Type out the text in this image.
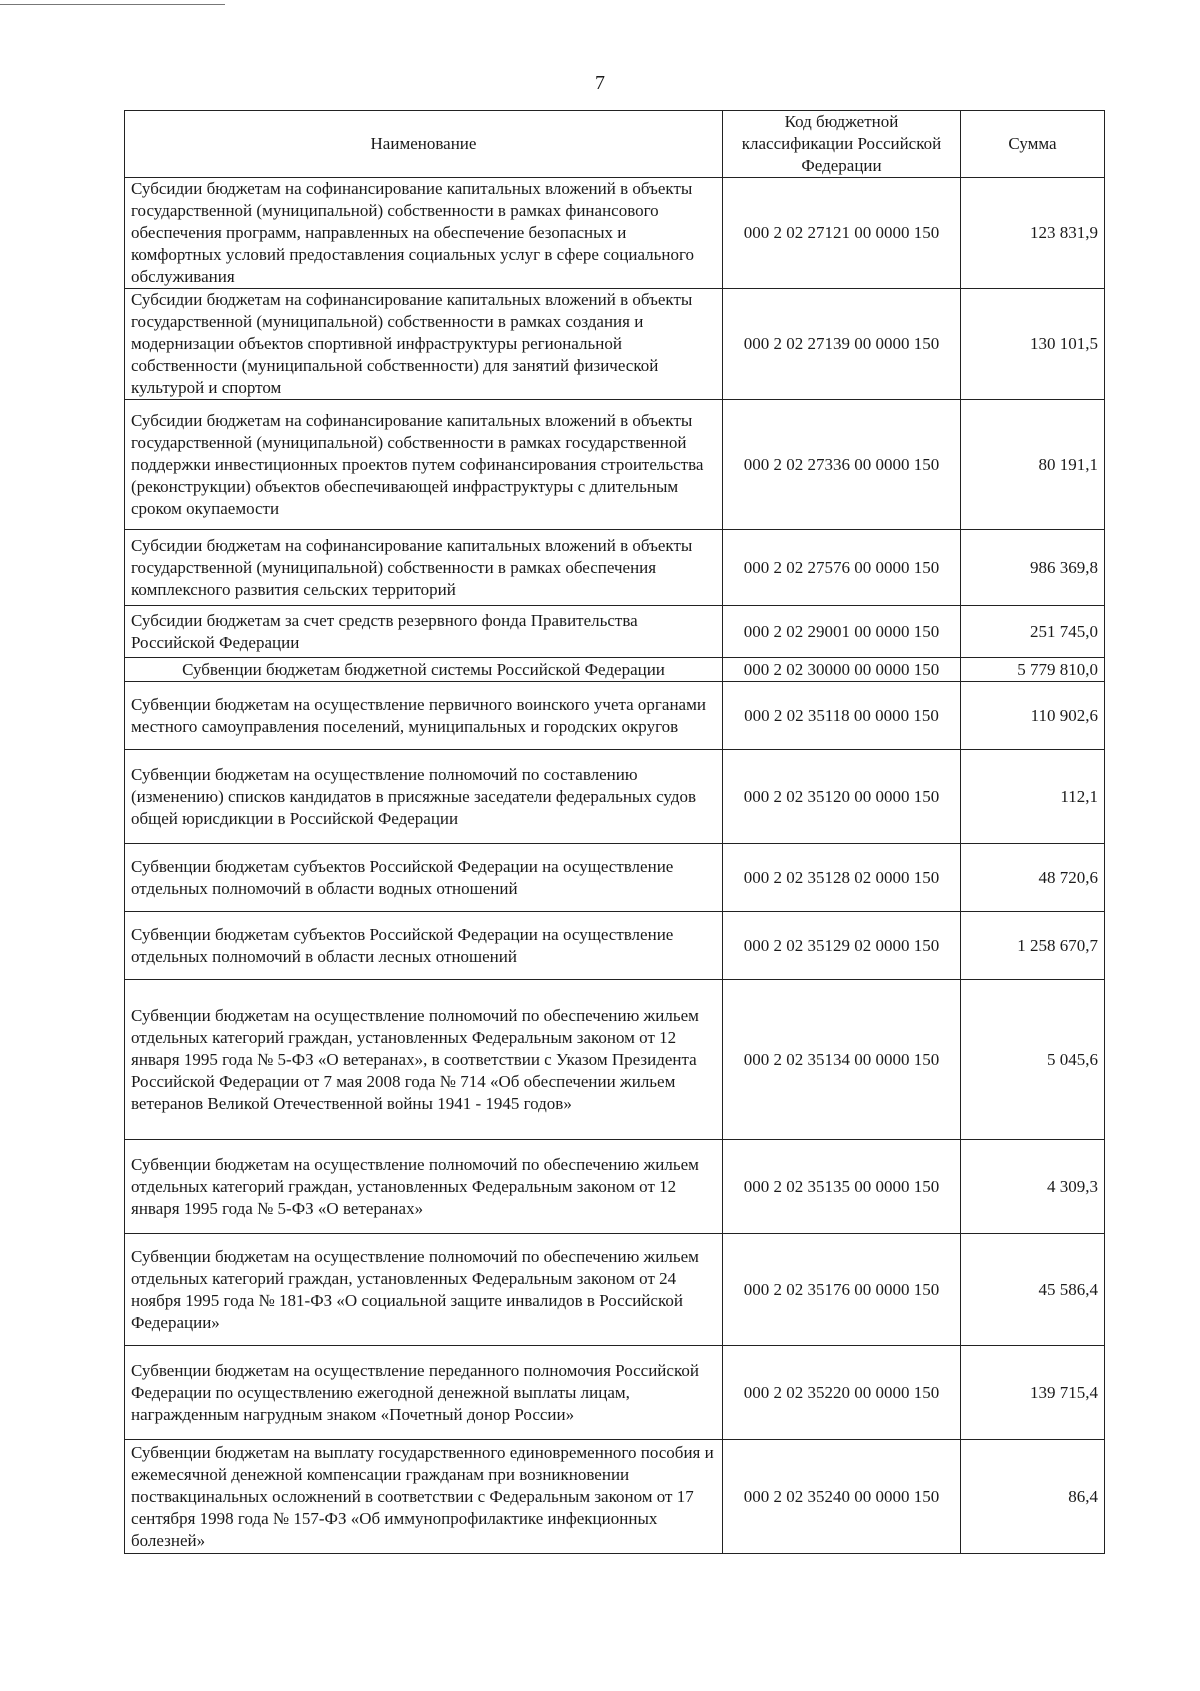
7
Наименование	Код бюджетной классификации Российской Федерации	Сумма
Субсидии бюджетам на софинансирование капитальных вложений в объекты государственной (муниципальной) собственности в рамках финансового обеспечения программ, направленных на обеспечение безопасных и комфортных условий предоставления социальных услуг в сфере социального обслуживания	000 2 02 27121 00 0000 150	123 831,9
Субсидии бюджетам на софинансирование капитальных вложений в объекты государственной (муниципальной) собственности в рамках создания и модернизации объектов спортивной инфраструктуры региональной собственности (муниципальной собственности) для занятий физической культурой и спортом	000 2 02 27139 00 0000 150	130 101,5
Субсидии бюджетам на софинансирование капитальных вложений в объекты государственной (муниципальной) собственности в рамках государственной поддержки инвестиционных проектов путем софинансирования строительства (реконструкции) объектов обеспечивающей инфраструктуры с длительным сроком окупаемости	000 2 02 27336 00 0000 150	80 191,1
Субсидии бюджетам на софинансирование капитальных вложений в объекты государственной (муниципальной) собственности в рамках обеспечения комплексного развития сельских территорий	000 2 02 27576 00 0000 150	986 369,8
Субсидии бюджетам за счет средств резервного фонда Правительства Российской Федерации	000 2 02 29001 00 0000 150	251 745,0
Субвенции бюджетам бюджетной системы Российской Федерации	000 2 02 30000 00 0000 150	5 779 810,0
Субвенции бюджетам на осуществление первичного воинского учета органами местного самоуправления поселений, муниципальных и городских округов	000 2 02 35118 00 0000 150	110 902,6
Субвенции бюджетам на осуществление полномочий по составлению (изменению) списков кандидатов в присяжные заседатели федеральных судов общей юрисдикции в Российской Федерации	000 2 02 35120 00 0000 150	112,1
Субвенции бюджетам субъектов Российской Федерации на осуществление отдельных полномочий в области водных отношений	000 2 02 35128 02 0000 150	48 720,6
Субвенции бюджетам субъектов Российской Федерации на осуществление отдельных полномочий в области лесных отношений	000 2 02 35129 02 0000 150	1 258 670,7
Субвенции бюджетам на осуществление полномочий по обеспечению жильем отдельных категорий граждан, установленных Федеральным законом от 12 января 1995 года № 5-ФЗ «О ветеранах», в соответствии с Указом Президента Российской Федерации от 7 мая 2008 года № 714 «Об обеспечении жильем ветеранов Великой Отечественной войны 1941 - 1945 годов»	000 2 02 35134 00 0000 150	5 045,6
Субвенции бюджетам на осуществление полномочий по обеспечению жильем отдельных категорий граждан, установленных Федеральным законом от 12 января 1995 года № 5-ФЗ «О ветеранах»	000 2 02 35135 00 0000 150	4 309,3
Субвенции бюджетам на осуществление полномочий по обеспечению жильем отдельных категорий граждан, установленных Федеральным законом от 24 ноября 1995 года № 181-ФЗ «О социальной защите инвалидов в Российской Федерации»	000 2 02 35176 00 0000 150	45 586,4
Субвенции бюджетам на осуществление переданного полномочия Российской Федерации по осуществлению ежегодной денежной выплаты лицам, награжденным нагрудным знаком «Почетный донор России»	000 2 02 35220 00 0000 150	139 715,4
Субвенции бюджетам на выплату государственного единовременного пособия и ежемесячной денежной компенсации гражданам при возникновении поствакцинальных осложнений в соответствии с Федеральным законом от 17 сентября 1998 года № 157-ФЗ «Об иммунопрофилактике инфекционных болезней»	000 2 02 35240 00 0000 150	86,4
